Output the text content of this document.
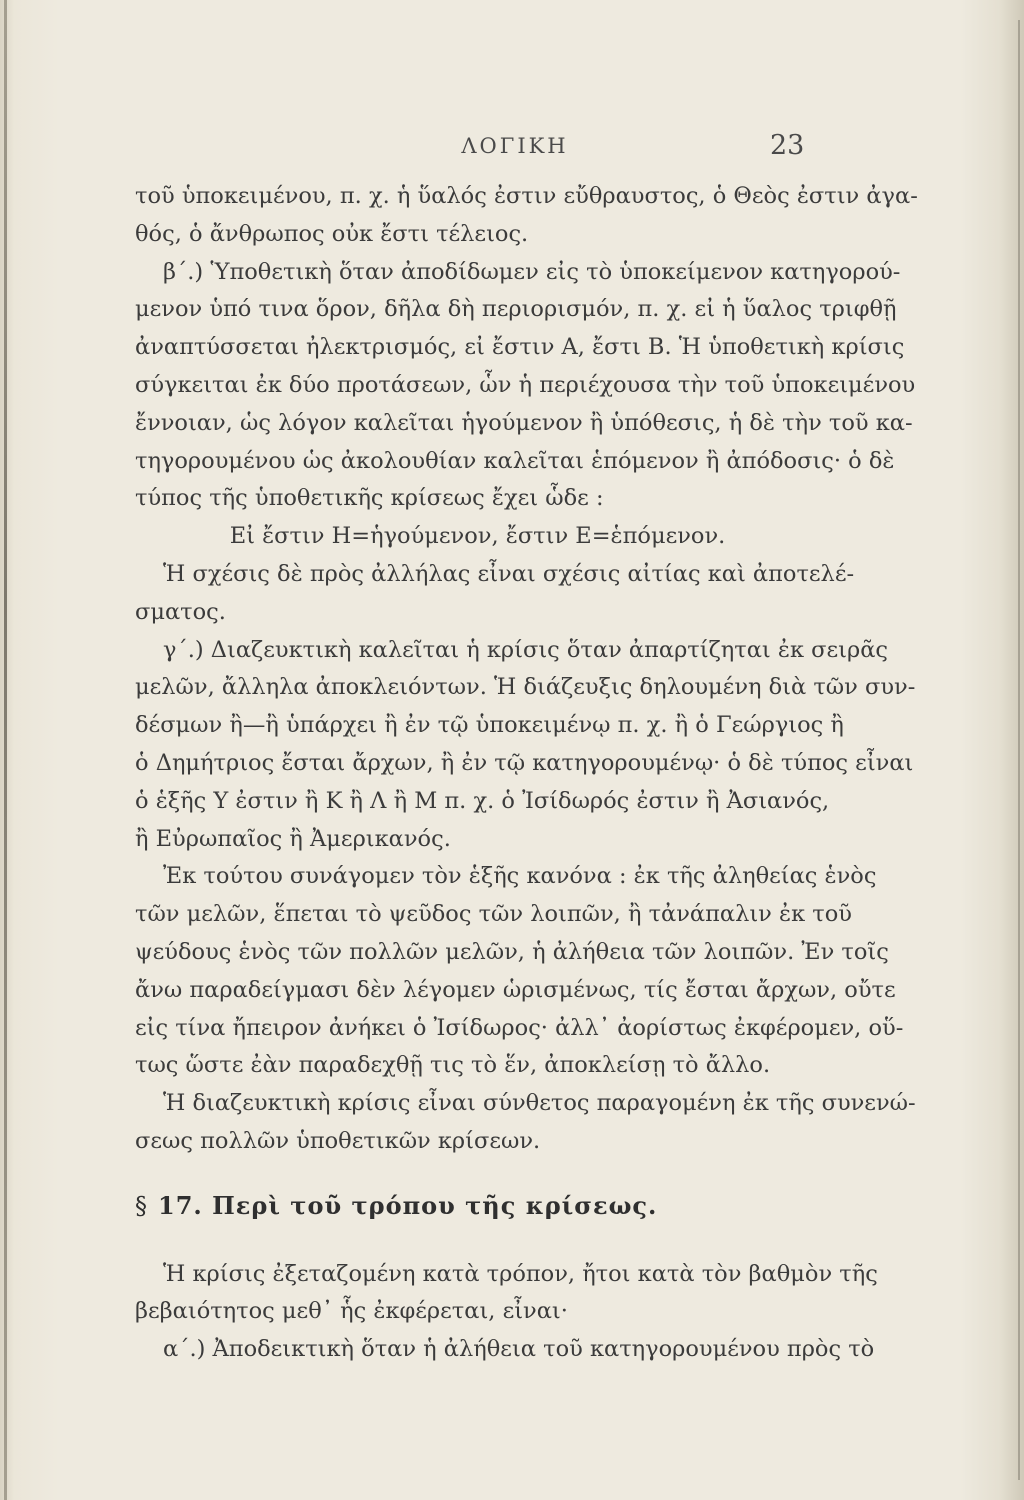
ΛΟΓΙΚΗ	23
τοῦ ὑποκειμένου, π. χ. ἡ ὕαλός ἐστιν εὔθραυστος, ὁ Θεὸς ἐστιν ἀγα-
θός, ὁ ἄνθρωπος οὐκ ἔστι τέλειος.
β΄.) Ὑποθετικὴ ὅταν ἀποδίδωμεν εἰς τὸ ὑποκείμενον κατηγορού-
μενον ὑπό τινα ὅρον, δῆλα δὴ περιορισμόν, π. χ. εἰ ἡ ὕαλος τριφθῇ
ἀναπτύσσεται ἠλεκτρισμός, εἰ ἔστιν Α, ἔστι Β. Ἡ ὑποθετικὴ κρίσις
σύγκειται ἐκ δύο προτάσεων, ὧν ἡ περιέχουσα τὴν τοῦ ὑποκειμένου
ἔννοιαν, ὡς λόγον καλεῖται ἡγούμενον ἢ ὑπόθεσις, ἡ δὲ τὴν τοῦ κα-
τηγορουμένου ὡς ἀκολουθίαν καλεῖται ἑπόμενον ἢ ἀπόδοσις· ὁ δὲ
τύπος τῆς ὑποθετικῆς κρίσεως ἔχει ὧδε :
Εἰ ἔστιν Η=ἡγούμενον, ἔστιν Ε=ἑπόμενον.
Ἡ σχέσις δὲ πρὸς ἀλλήλας εἶναι σχέσις αἰτίας καὶ ἀποτελέ-
σματος.
γ΄.) Διαζευκτικὴ καλεῖται ἡ κρίσις ὅταν ἀπαρτίζηται ἐκ σειρᾶς
μελῶν, ἄλληλα ἀποκλειόντων. Ἡ διάζευξις δηλουμένη διὰ τῶν συν-
δέσμων ἢ—ἢ ὑπάρχει ἢ ἐν τῷ ὑποκειμένῳ π. χ. ἢ ὁ Γεώργιος ἢ
ὁ Δημήτριος ἔσται ἄρχων, ἢ ἐν τῷ κατηγορουμένῳ· ὁ δὲ τύπος εἶναι
ὁ ἑξῆς Υ ἐστιν ἢ Κ ἢ Λ ἢ Μ π. χ. ὁ Ἰσίδωρός ἐστιν ἢ Ἀσιανός,
ἢ Εὐρωπαῖος ἢ Ἀμερικανός.
Ἐκ τούτου συνάγομεν τὸν ἑξῆς κανόνα : ἐκ τῆς ἀληθείας ἑνὸς
τῶν μελῶν, ἕπεται τὸ ψεῦδος τῶν λοιπῶν, ἢ τἀνάπαλιν ἐκ τοῦ
ψεύδους ἑνὸς τῶν πολλῶν μελῶν, ἡ ἀλήθεια τῶν λοιπῶν. Ἐν τοῖς
ἄνω παραδείγμασι δὲν λέγομεν ὡρισμένως, τίς ἔσται ἄρχων, οὔτε
εἰς τίνα ἤπειρον ἀνήκει ὁ Ἰσίδωρος· ἀλλ᾽ ἀορίστως ἐκφέρομεν, οὕ-
τως ὥστε ἐὰν παραδεχθῇ τις τὸ ἕν, ἀποκλείσῃ τὸ ἄλλο.
Ἡ διαζευκτικὴ κρίσις εἶναι σύνθετος παραγομένη ἐκ τῆς συνενώ-
σεως πολλῶν ὑποθετικῶν κρίσεων.
§ 17. Περὶ τοῦ τρόπου τῆς κρίσεως.
Ἡ κρίσις ἐξεταζομένη κατὰ τρόπον, ἤτοι κατὰ τὸν βαθμὸν τῆς
βεβαιότητος μεθ᾽ ἧς ἐκφέρεται, εἶναι·
α΄.) Ἀποδεικτικὴ ὅταν ἡ ἀλήθεια τοῦ κατηγορουμένου πρὸς τὸ
